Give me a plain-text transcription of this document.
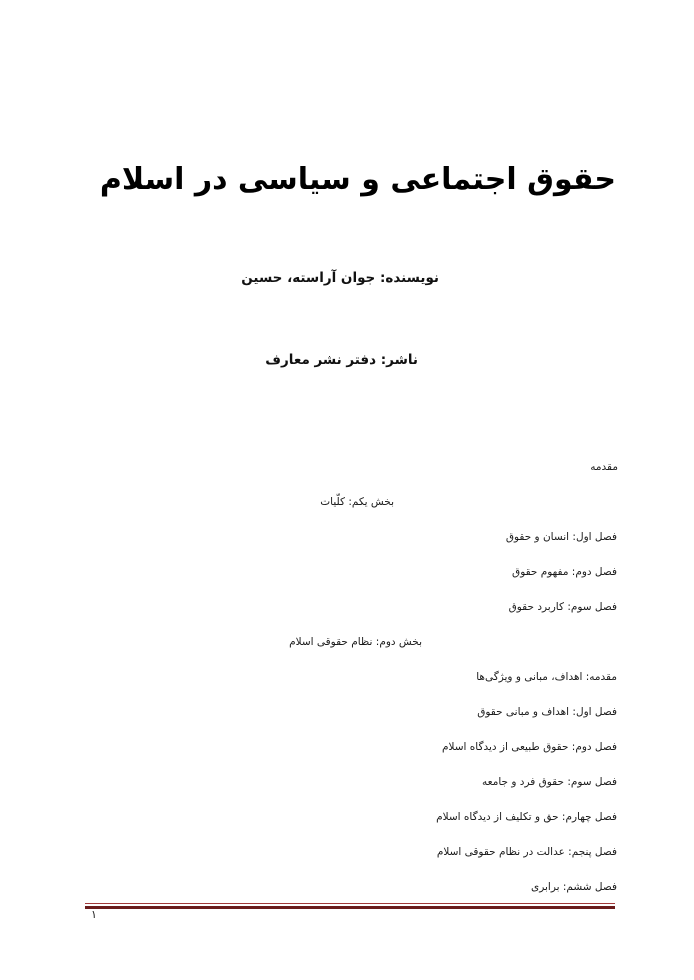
حقوق اجتماعی و سیاسی در اسلام
نویسنده: جوان آراسته، حسین
ناشر: دفتر نشر معارف
مقدمه
بخش یکم: کلّیات
فصل اول: انسان و حقوق
فصل دوم: مفهوم حقوق
فصل سوم: کاربرد حقوق
بخش دوم: نظام حقوقی اسلام
مقدمه: اهداف، مبانی و ویژگی‌ها
فصل اول: اهداف و مبانی حقوق
فصل دوم: حقوق طبیعی از دیدگاه اسلام
فصل سوم: حقوق فرد و جامعه
فصل چهارم: حق و تکلیف از دیدگاه اسلام
فصل پنجم: عدالت در نظام حقوقی اسلام
فصل ششم: برابری
۱
